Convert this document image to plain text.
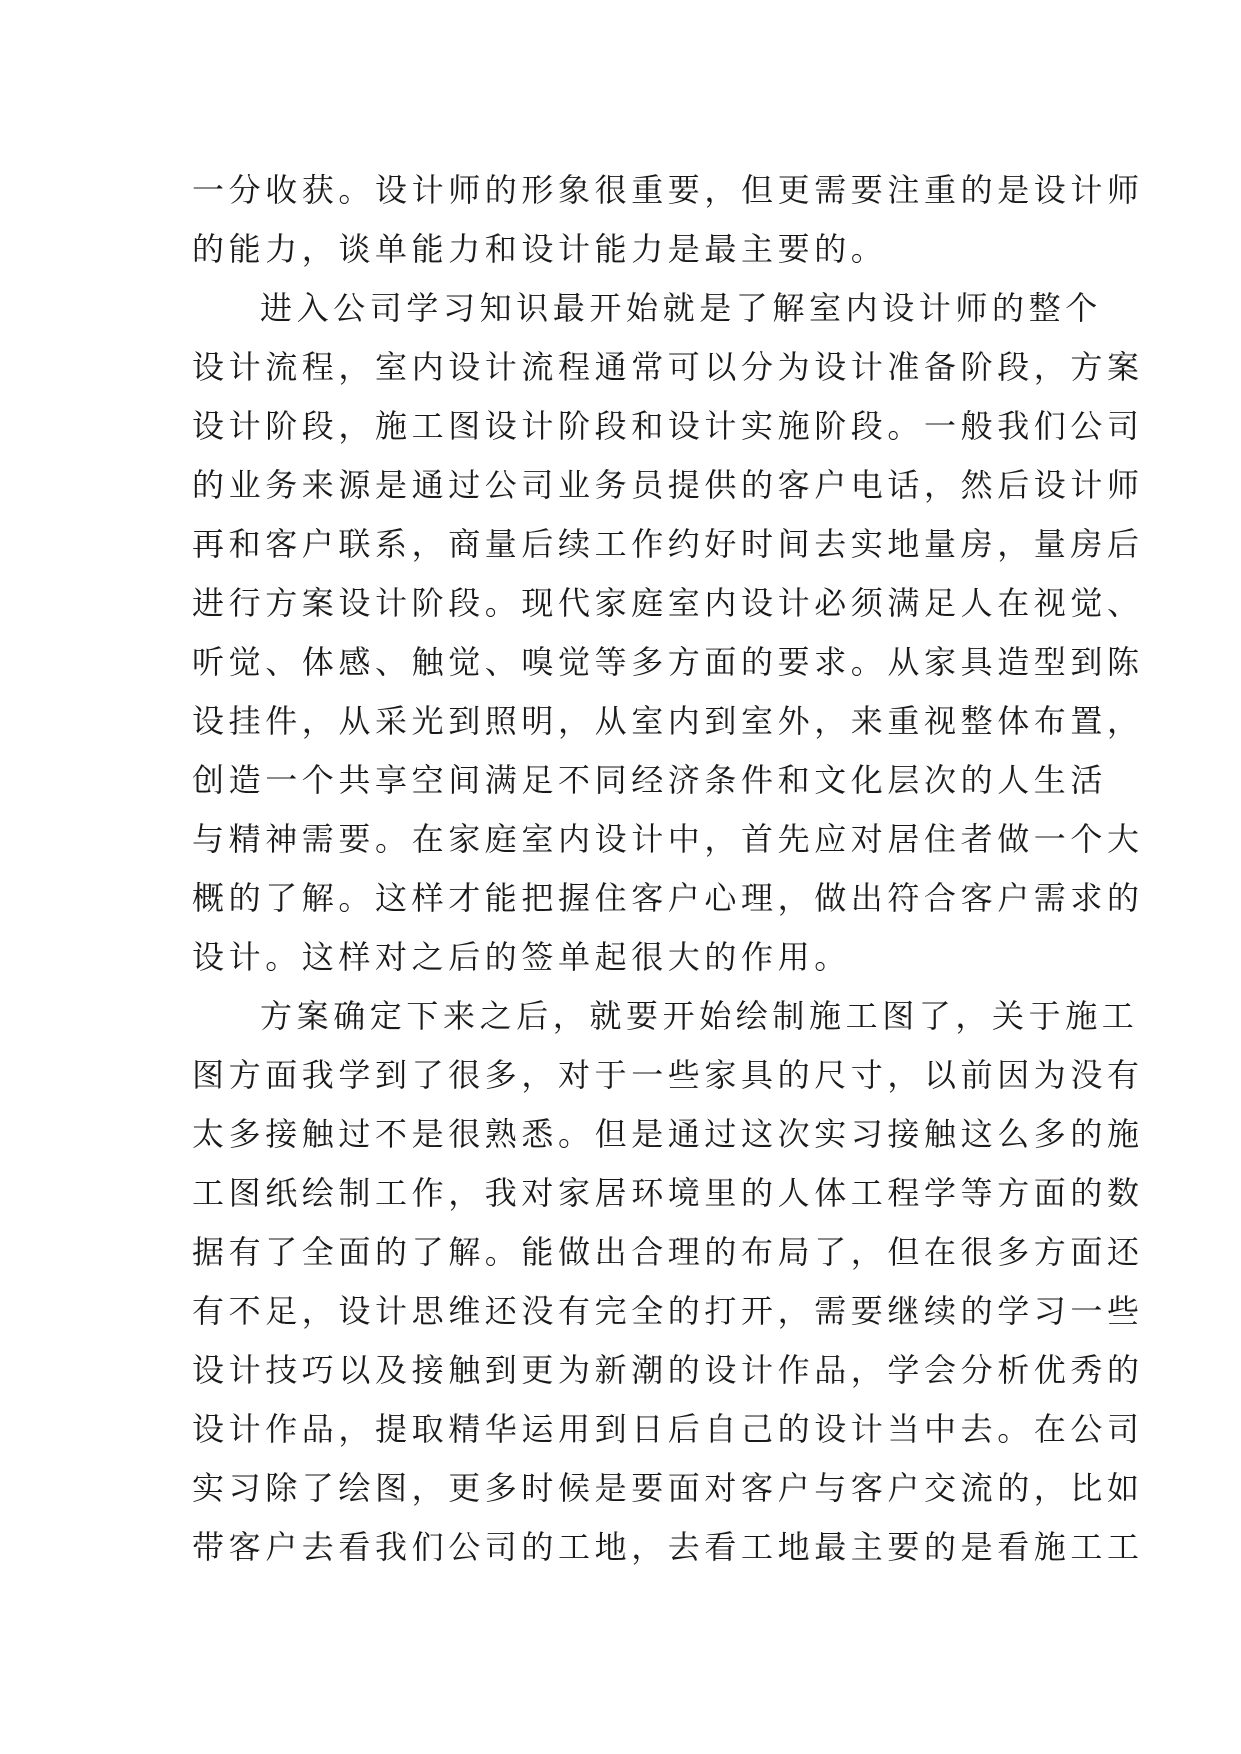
一分收获。设计师的形象很重要，但更需要注重的是设计师
的能力，谈单能力和设计能力是最主要的。
进入公司学习知识最开始就是了解室内设计师的整个
设计流程，室内设计流程通常可以分为设计准备阶段，方案
设计阶段，施工图设计阶段和设计实施阶段。一般我们公司
的业务来源是通过公司业务员提供的客户电话，然后设计师
再和客户联系，商量后续工作约好时间去实地量房，量房后
进行方案设计阶段。现代家庭室内设计必须满足人在视觉、
听觉、体感、触觉、嗅觉等多方面的要求。从家具造型到陈
设挂件，从采光到照明，从室内到室外，来重视整体布置，
创造一个共享空间满足不同经济条件和文化层次的人生活
与精神需要。在家庭室内设计中，首先应对居住者做一个大
概的了解。这样才能把握住客户心理，做出符合客户需求的
设计。这样对之后的签单起很大的作用。
方案确定下来之后，就要开始绘制施工图了，关于施工
图方面我学到了很多，对于一些家具的尺寸，以前因为没有
太多接触过不是很熟悉。但是通过这次实习接触这么多的施
工图纸绘制工作，我对家居环境里的人体工程学等方面的数
据有了全面的了解。能做出合理的布局了，但在很多方面还
有不足，设计思维还没有完全的打开，需要继续的学习一些
设计技巧以及接触到更为新潮的设计作品，学会分析优秀的
设计作品，提取精华运用到日后自己的设计当中去。在公司
实习除了绘图，更多时候是要面对客户与客户交流的，比如
带客户去看我们公司的工地，去看工地最主要的是看施工工
